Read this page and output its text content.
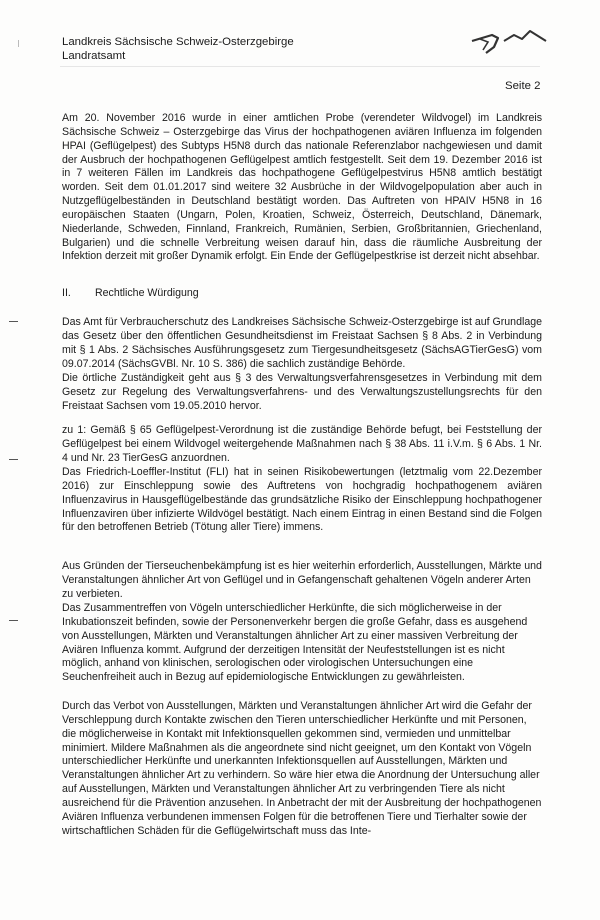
Landkreis Sächsische Schweiz-Osterzgebirge
Landratsamt
Seite 2

Am 20. November 2016 wurde in einer amtlichen Probe (verendeter Wildvogel) im Landkreis Sächsische Schweiz – Osterzgebirge das Virus der hochpathogenen aviären Influenza im folgenden HPAI (Geflügelpest) des Subtyps H5N8 durch das nationale Referenzlabor nachgewiesen und damit der Ausbruch der hochpathogenen Geflügelpest amtlich festgestellt. Seit dem 19. Dezember 2016 ist in 7 weiteren Fällen im Landkreis das hochpathogene Geflügelpestvirus H5N8 amtlich bestätigt worden. Seit dem 01.01.2017 sind weitere 32 Ausbrüche in der Wildvogelpopulation aber auch in Nutzgeflügelbeständen in Deutschland bestätigt worden. Das Auftreten von HPAIV H5N8 in 16 europäischen Staaten (Ungarn, Polen, Kroatien, Schweiz, Österreich, Deutschland, Dänemark, Niederlande, Schweden, Finnland, Frankreich, Rumänien, Serbien, Großbritannien, Griechenland, Bulgarien) und die schnelle Verbreitung weisen darauf hin, dass die räumliche Ausbreitung der Infektion derzeit mit großer Dynamik erfolgt. Ein Ende der Geflügelpestkrise ist derzeit nicht absehbar.

II. Rechtliche Würdigung

Das Amt für Verbraucherschutz des Landkreises Sächsische Schweiz-Osterzgebirge ist auf Grundlage das Gesetz über den öffentlichen Gesundheitsdienst im Freistaat Sachsen § 8 Abs. 2 in Verbindung mit § 1 Abs. 2 Sächsisches Ausführungsgesetz zum Tiergesundheitsgesetz (SächsAGTierGesG) vom 09.07.2014 (SächsGVBl. Nr. 10 S. 386) die sachlich zuständige Behörde.

Die örtliche Zuständigkeit geht aus § 3 des Verwaltungsverfahrensgesetzes in Verbindung mit dem Gesetz zur Regelung des Verwaltungsverfahrens- und des Verwaltungszustellungsrechts für den Freistaat Sachsen vom 19.05.2010 hervor.

zu 1: Gemäß § 65 Geflügelpest-Verordnung ist die zuständige Behörde befugt, bei Feststellung der Geflügelpest bei einem Wildvogel weitergehende Maßnahmen nach § 38 Abs. 11 i.V.m. § 6 Abs. 1 Nr. 4 und Nr. 23 TierGesG anzuordnen.

Das Friedrich-Loeffler-Institut (FLI) hat in seinen Risikobewertungen (letztmalig vom 22.Dezember 2016) zur Einschleppung sowie des Auftretens von hochgradig hochpathogenem aviären Influenzavirus in Hausgeflügelbestände das grundsätzliche Risiko der Einschleppung hochpathogener Influenzaviren über infizierte Wildvögel bestätigt. Nach einem Eintrag in einen Bestand sind die Folgen für den betroffenen Betrieb (Tötung aller Tiere) immens.

Aus Gründen der Tierseuchenbekämpfung ist es hier weiterhin erforderlich, Ausstellungen, Märkte und Veranstaltungen ähnlicher Art von Geflügel und in Gefangenschaft gehaltenen Vögeln anderer Arten zu verbieten.

Das Zusammentreffen von Vögeln unterschiedlicher Herkünfte, die sich möglicherweise in der Inkubationszeit befinden, sowie der Personenverkehr bergen die große Gefahr, dass es ausgehend von Ausstellungen, Märkten und Veranstaltungen ähnlicher Art zu einer massiven Verbreitung der Aviären Influenza kommt. Aufgrund der derzeitigen Intensität der Neufeststellungen ist es nicht möglich, anhand von klinischen, serologischen oder virologischen Untersuchungen eine Seuchenfreiheit auch in Bezug auf epidemiologische Entwicklungen zu gewährleisten.

Durch das Verbot von Ausstellungen, Märkten und Veranstaltungen ähnlicher Art wird die Gefahr der Verschleppung durch Kontakte zwischen den Tieren unterschiedlicher Herkünfte und mit Personen, die möglicherweise in Kontakt mit Infektionsquellen gekommen sind, vermieden und unmittelbar minimiert. Mildere Maßnahmen als die angeordnete sind nicht geeignet, um den Kontakt von Vögeln unterschiedlicher Herkünfte und unerkannten Infektionsquellen auf Ausstellungen, Märkten und Veranstaltungen ähnlicher Art zu verhindern. So wäre hier etwa die Anordnung der Untersuchung aller auf Ausstellungen, Märkten und Veranstaltungen ähnlicher Art zu verbringenden Tiere als nicht ausreichend für die Prävention anzusehen. In Anbetracht der mit der Ausbreitung der hochpathogenen Aviären Influenza verbundenen immensen Folgen für die betroffenen Tiere und Tierhalter sowie der wirtschaftlichen Schäden für die Geflügelwirtschaft muss das Inte-
